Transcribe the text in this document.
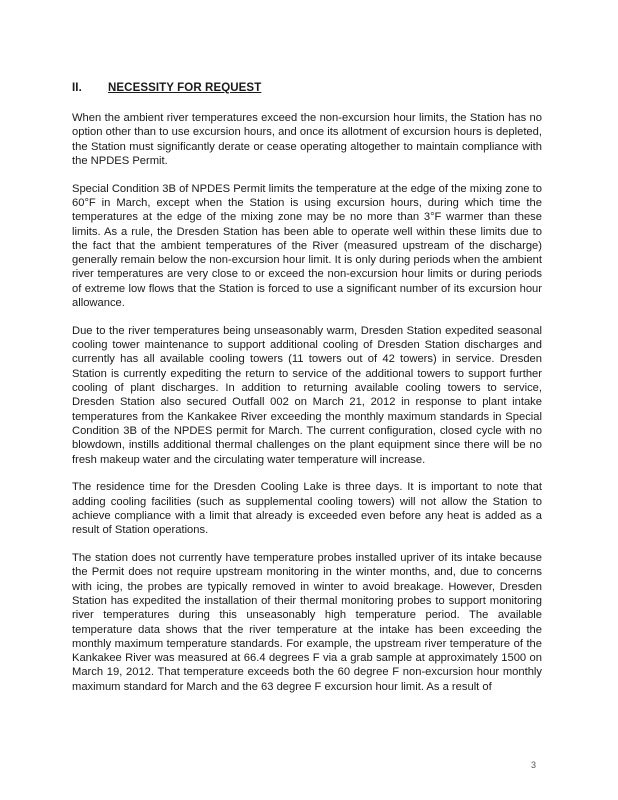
II. NECESSITY FOR REQUEST

When the ambient river temperatures exceed the non-excursion hour limits, the Station has no option other than to use excursion hours, and once its allotment of excursion hours is depleted, the Station must significantly derate or cease operating altogether to maintain compliance with the NPDES Permit.

Special Condition 3B of NPDES Permit limits the temperature at the edge of the mixing zone to 60°F in March, except when the Station is using excursion hours, during which time the temperatures at the edge of the mixing zone may be no more than 3°F warmer than these limits. As a rule, the Dresden Station has been able to operate well within these limits due to the fact that the ambient temperatures of the River (measured upstream of the discharge) generally remain below the non-excursion hour limit. It is only during periods when the ambient river temperatures are very close to or exceed the non-excursion hour limits or during periods of extreme low flows that the Station is forced to use a significant number of its excursion hour allowance.

Due to the river temperatures being unseasonably warm, Dresden Station expedited seasonal cooling tower maintenance to support additional cooling of Dresden Station discharges and currently has all available cooling towers (11 towers out of 42 towers) in service. Dresden Station is currently expediting the return to service of the additional towers to support further cooling of plant discharges. In addition to returning available cooling towers to service, Dresden Station also secured Outfall 002 on March 21, 2012 in response to plant intake temperatures from the Kankakee River exceeding the monthly maximum standards in Special Condition 3B of the NPDES permit for March. The current configuration, closed cycle with no blowdown, instills additional thermal challenges on the plant equipment since there will be no fresh makeup water and the circulating water temperature will increase.

The residence time for the Dresden Cooling Lake is three days. It is important to note that adding cooling facilities (such as supplemental cooling towers) will not allow the Station to achieve compliance with a limit that already is exceeded even before any heat is added as a result of Station operations.

The station does not currently have temperature probes installed upriver of its intake because the Permit does not require upstream monitoring in the winter months, and, due to concerns with icing, the probes are typically removed in winter to avoid breakage. However, Dresden Station has expedited the installation of their thermal monitoring probes to support monitoring river temperatures during this unseasonably high temperature period. The available temperature data shows that the river temperature at the intake has been exceeding the monthly maximum temperature standards. For example, the upstream river temperature of the Kankakee River was measured at 66.4 degrees F via a grab sample at approximately 1500 on March 19, 2012. That temperature exceeds both the 60 degree F non-excursion hour monthly maximum standard for March and the 63 degree F excursion hour limit. As a result of

3
